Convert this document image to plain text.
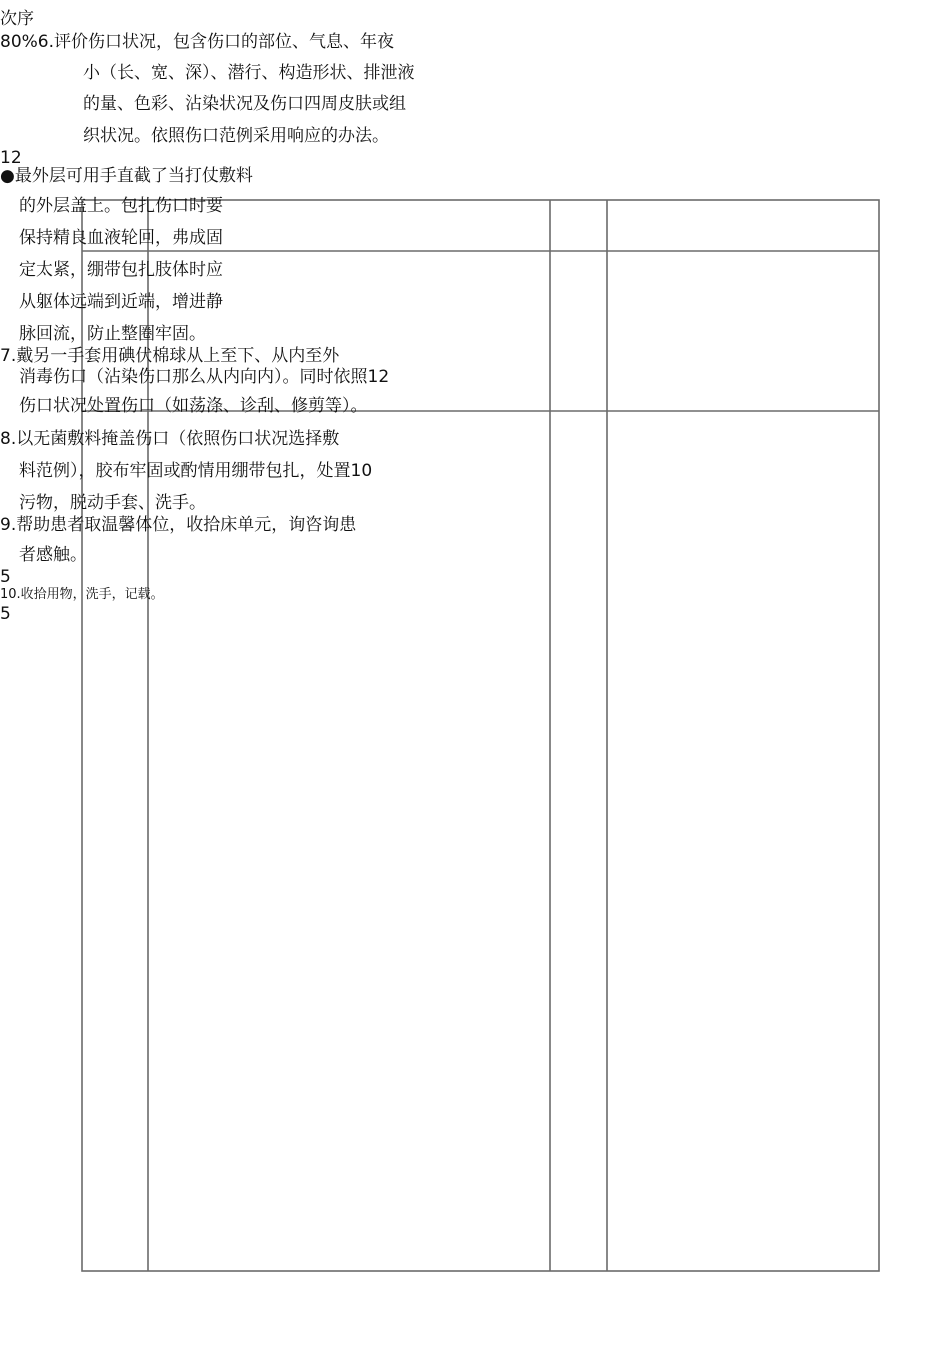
次序
80%6.评价伤口状况，包含伤口的部位、气息、年夜
小（长、宽、深）、潜行、构造形状、排泄液
的量、色彩、沾染状况及伤口四周皮肤或组
织状况。依照伤口范例采用响应的办法。
12
●最外层可用手直截了当打仗敷料
的外层盖上。包扎伤口时要
保持精良血液轮回，弗成固
定太紧，绷带包扎肢体时应
从躯体远端到近端，增进静
脉回流，防止整圈牢固。
7.戴另一手套用碘伏棉球从上至下、从内至外
消毒伤口（沾染伤口那么从内向内）。同时依照12
伤口状况处置伤口（如荡涤、诊刮、修剪等）。
8.以无菌敷料掩盖伤口（依照伤口状况选择敷
料范例），胶布牢固或酌情用绷带包扎，处置10
污物，脱动手套、洗手。
9.帮助患者取温馨体位，收拾床单元，询咨询患
者感触。
5
10.收拾用物，洗手，记载。
5
